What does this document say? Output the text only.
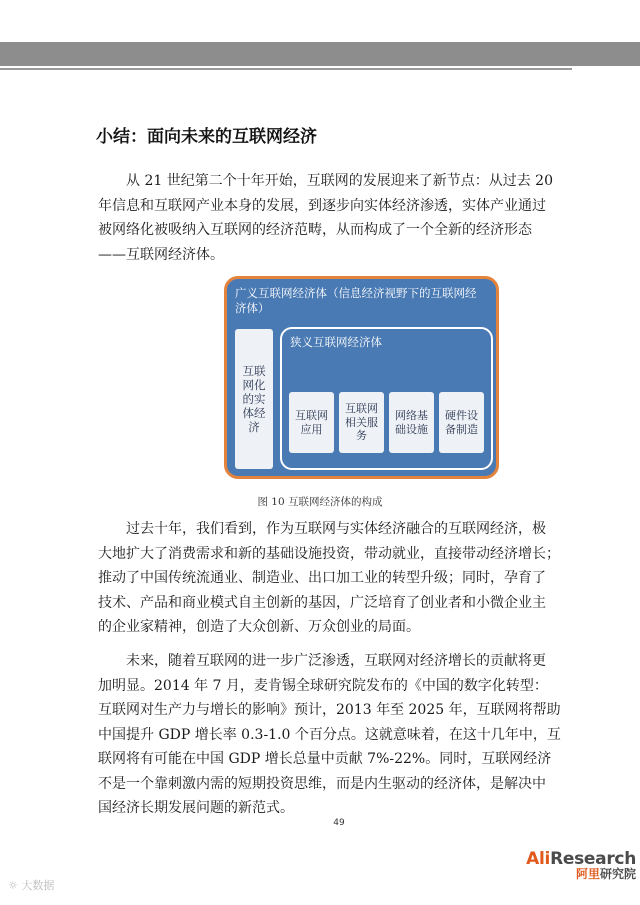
小结：面向未来的互联网经济
从 21 世纪第二个十年开始，互联网的发展迎来了新节点：从过去 20
年信息和互联网产业本身的发展，到逐步向实体经济渗透，实体产业通过
被网络化被吸纳入互联网的经济范畴，从而构成了一个全新的经济形态
——互联网经济体。
广义互联网经济体（信息经济视野下的互联网经济体）
互联
网化
的实
体经
济
狭义互联网经济体
互联网
应用
互联网
相关服
务
网络基
础设施
硬件设
备制造
图 10 互联网经济体的构成
过去十年，我们看到，作为互联网与实体经济融合的互联网经济，极
大地扩大了消费需求和新的基础设施投资，带动就业，直接带动经济增长；
推动了中国传统流通业、制造业、出口加工业的转型升级；同时，孕育了
技术、产品和商业模式自主创新的基因，广泛培育了创业者和小微企业主
的企业家精神，创造了大众创新、万众创业的局面。
未来，随着互联网的进一步广泛渗透，互联网对经济增长的贡献将更
加明显。2014 年 7 月，麦肯锡全球研究院发布的《中国的数字化转型：
互联网对生产力与增长的影响》预计，2013 年至 2025 年，互联网将帮助
中国提升 GDP 增长率 0.3-1.0 个百分点。这就意味着，在这十几年中，互
联网将有可能在中国 GDP 增长总量中贡献 7%-22%。同时，互联网经济
不是一个靠刺激内需的短期投资思维，而是内生驱动的经济体，是解决中
国经济长期发展问题的新范式。
49
AliResearch
阿里研究院
☼ 大数据
